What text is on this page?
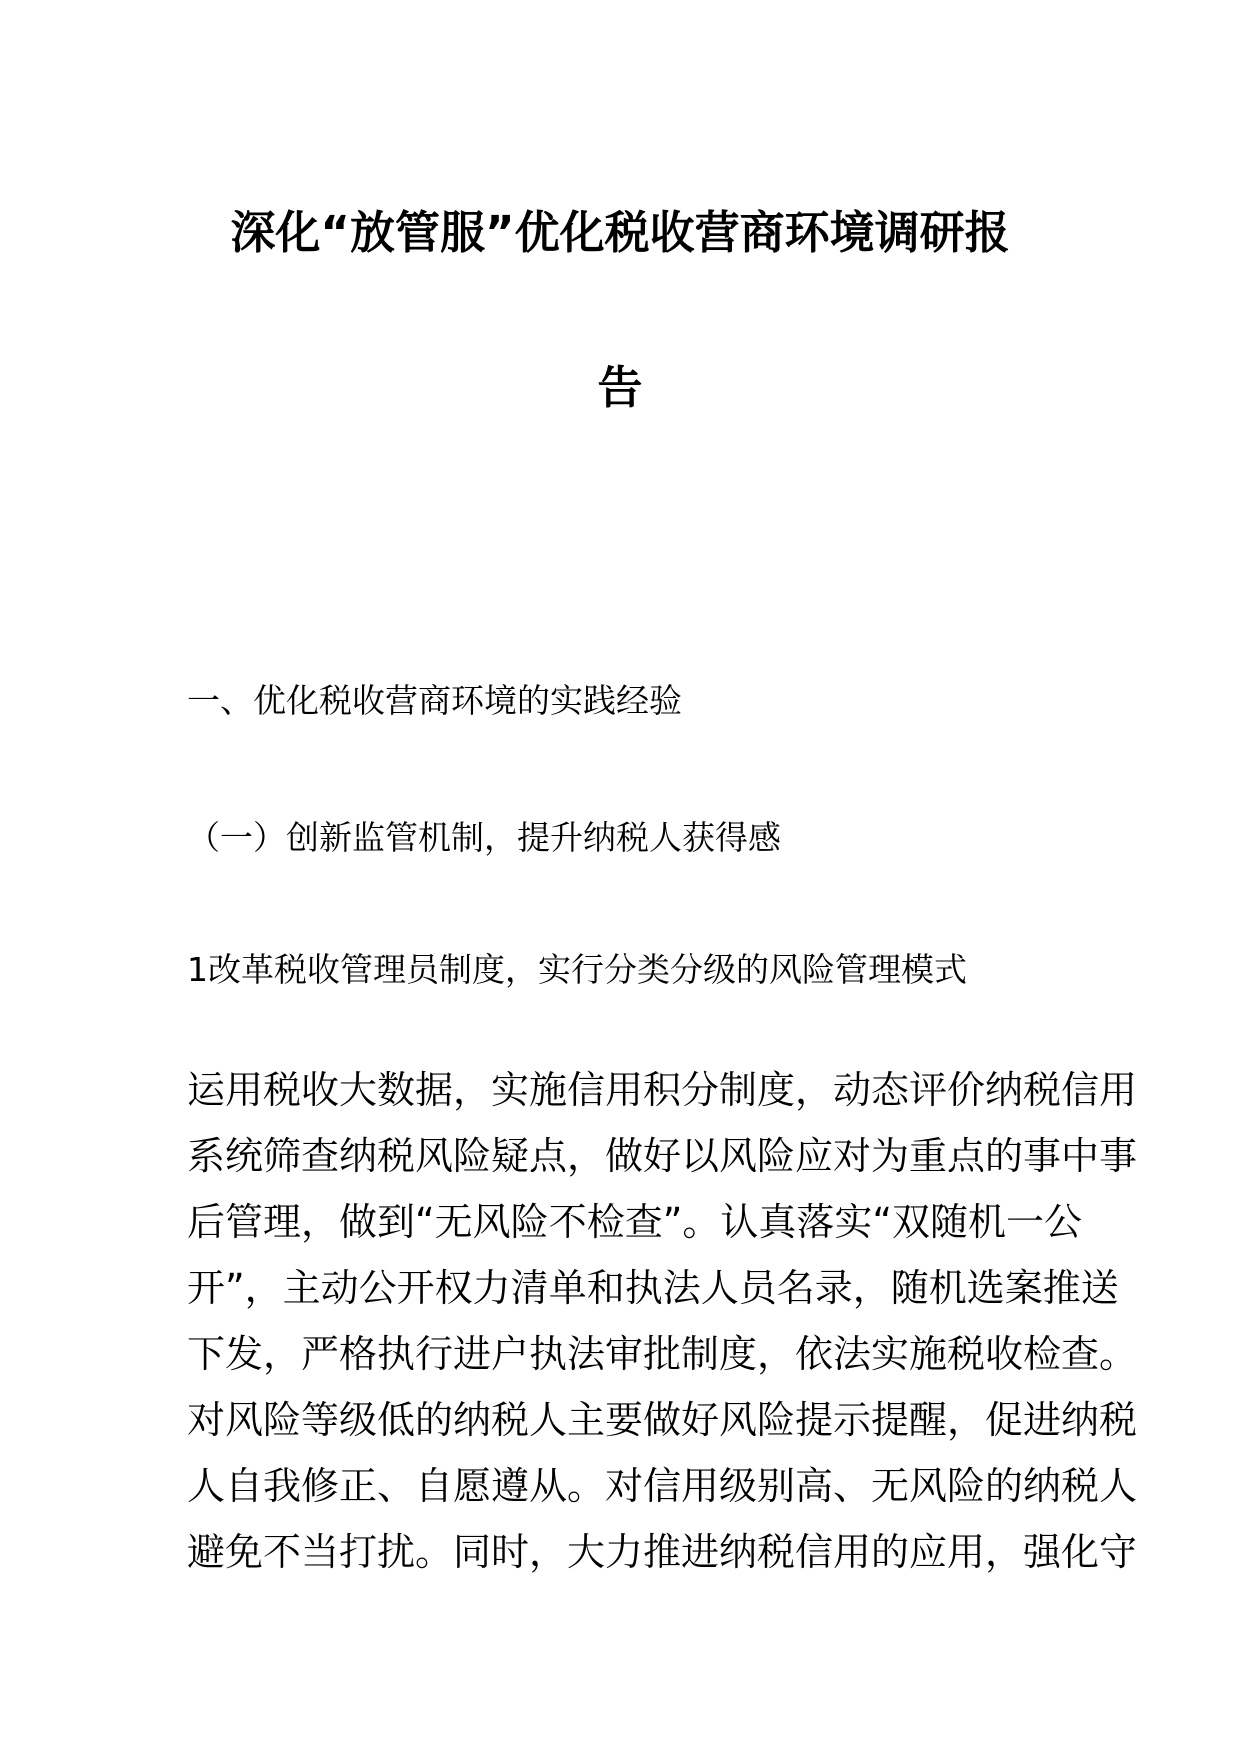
深化“放管服”优化税收营商环境调研报
告
一、优化税收营商环境的实践经验
（一）创新监管机制，提升纳税人获得感
1改革税收管理员制度，实行分类分级的风险管理模式
运用税收大数据，实施信用积分制度，动态评价纳税信用
系统筛查纳税风险疑点，做好以风险应对为重点的事中事
后管理，做到“无风险不检查”。认真落实“双随机一公
开”，主动公开权力清单和执法人员名录，随机选案推送
下发，严格执行进户执法审批制度，依法实施税收检查。
对风险等级低的纳税人主要做好风险提示提醒，促进纳税
人自我修正、自愿遵从。对信用级别高、无风险的纳税人
避免不当打扰。同时，大力推进纳税信用的应用，强化守
